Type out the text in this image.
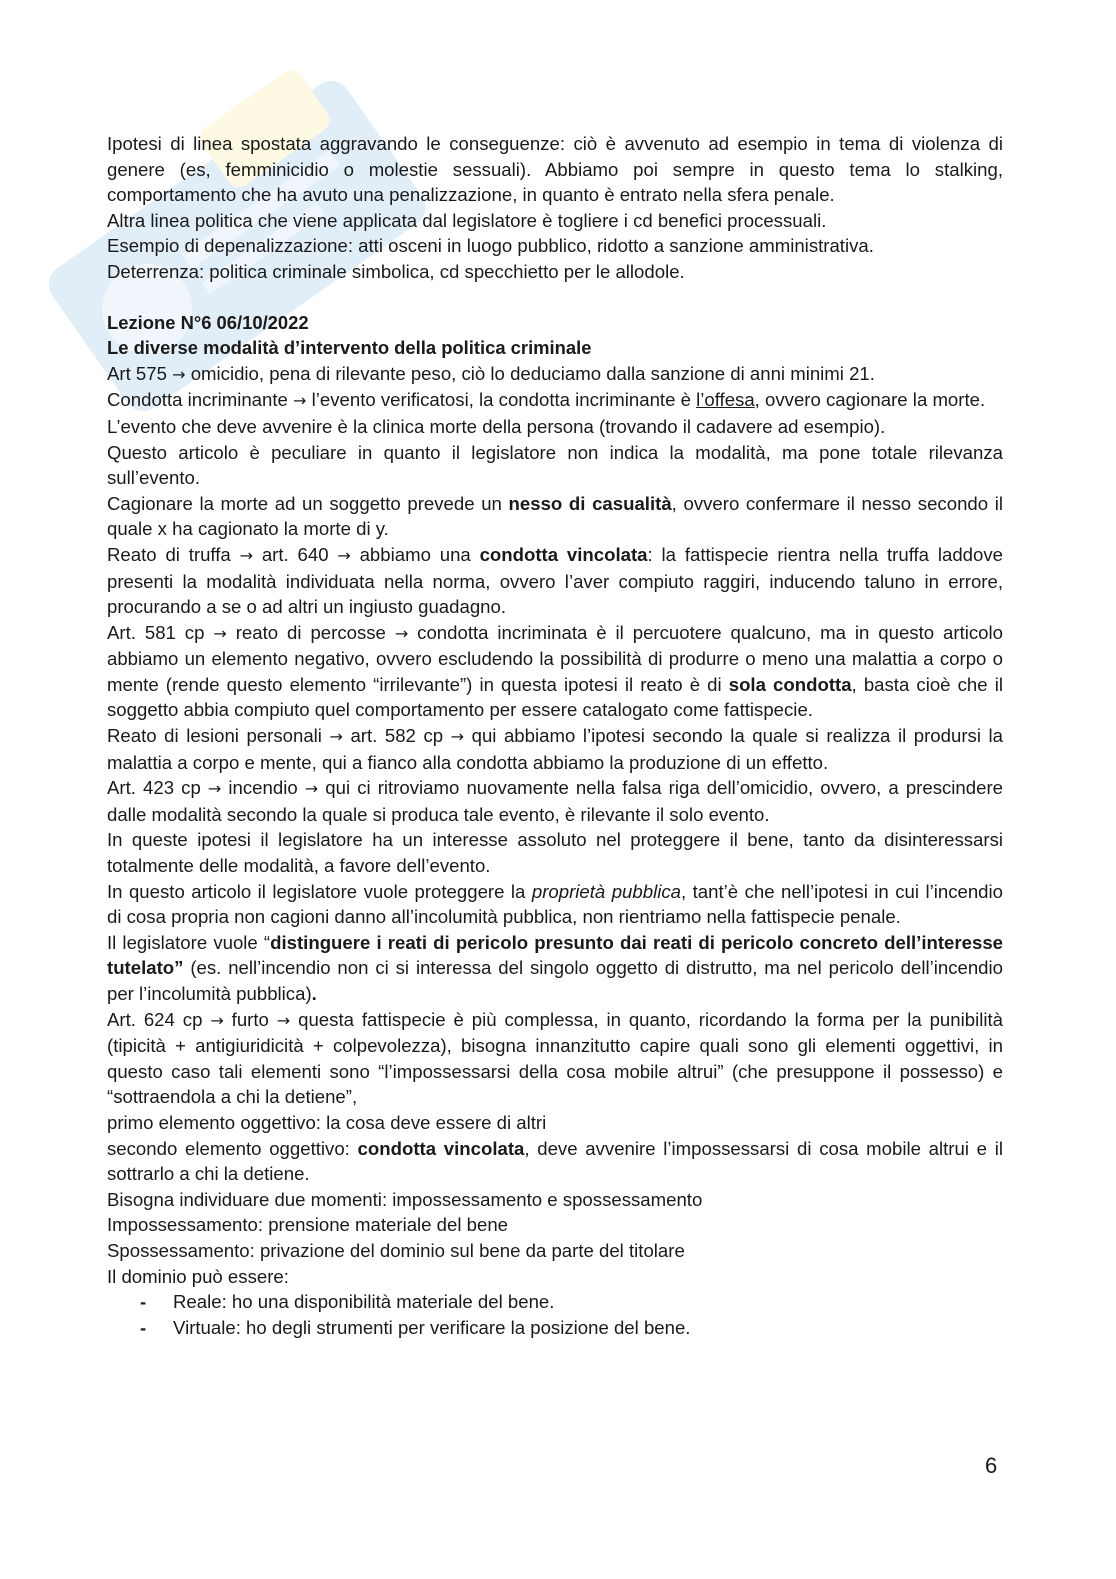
Ipotesi di linea spostata aggravando le conseguenze: ciò è avvenuto ad esempio in tema di violenza di genere (es, femminicidio o molestie sessuali). Abbiamo poi sempre in questo tema lo stalking, comportamento che ha avuto una penalizzazione, in quanto è entrato nella sfera penale.

Altra linea politica che viene applicata dal legislatore è togliere i cd benefici processuali.

Esempio di depenalizzazione: atti osceni in luogo pubblico, ridotto a sanzione amministrativa.

Deterrenza: politica criminale simbolica, cd specchietto per le allodole.

Lezione N°6 06/10/2022

Le diverse modalità d’intervento della politica criminale

Art 575 → omicidio, pena di rilevante peso, ciò lo deduciamo dalla sanzione di anni minimi 21.

Condotta incriminante → l’evento verificatosi, la condotta incriminante è l’offesa, ovvero cagionare la morte.

L’evento che deve avvenire è la clinica morte della persona (trovando il cadavere ad esempio).

Questo articolo è peculiare in quanto il legislatore non indica la modalità, ma pone totale rilevanza sull’evento.

Cagionare la morte ad un soggetto prevede un nesso di casualità, ovvero confermare il nesso secondo il quale x ha cagionato la morte di y.

Reato di truffa → art. 640 → abbiamo una condotta vincolata: la fattispecie rientra nella truffa laddove presenti la modalità individuata nella norma, ovvero l’aver compiuto raggiri, inducendo taluno in errore, procurando a se o ad altri un ingiusto guadagno.

Art. 581 cp → reato di percosse → condotta incriminata è il percuotere qualcuno, ma in questo articolo abbiamo un elemento negativo, ovvero escludendo la possibilità di produrre o meno una malattia a corpo o mente (rende questo elemento “irrilevante”) in questa ipotesi il reato è di sola condotta, basta cioè che il soggetto abbia compiuto quel comportamento per essere catalogato come fattispecie.

Reato di lesioni personali → art. 582 cp → qui abbiamo l’ipotesi secondo la quale si realizza il prodursi la malattia a corpo e mente, qui a fianco alla condotta abbiamo la produzione di un effetto.

Art. 423 cp → incendio → qui ci ritroviamo nuovamente nella falsa riga dell’omicidio, ovvero, a prescindere dalle modalità secondo la quale si produca tale evento, è rilevante il solo evento.

In queste ipotesi il legislatore ha un interesse assoluto nel proteggere il bene, tanto da disinteressarsi totalmente delle modalità, a favore dell’evento.

In questo articolo il legislatore vuole proteggere la proprietà pubblica, tant’è che nell’ipotesi in cui l’incendio di cosa propria non cagioni danno all’incolumità pubblica, non rientriamo nella fattispecie penale.

Il legislatore vuole “distinguere i reati di pericolo presunto dai reati di pericolo concreto dell’interesse tutelato” (es. nell’incendio non ci si interessa del singolo oggetto di distrutto, ma nel pericolo dell’incendio per l’incolumità pubblica).

Art. 624 cp → furto → questa fattispecie è più complessa, in quanto, ricordando la forma per la punibilità (tipicità + antigiuridicità + colpevolezza), bisogna innanzitutto capire quali sono gli elementi oggettivi, in questo caso tali elementi sono “l’impossessarsi della cosa mobile altrui” (che presuppone il possesso) e “sottraendola a chi la detiene”,

primo elemento oggettivo: la cosa deve essere di altri

secondo elemento oggettivo: condotta vincolata, deve avvenire l’impossessarsi di cosa mobile altrui e il sottrarlo a chi la detiene.

Bisogna individuare due momenti: impossessamento e spossessamento

Impossessamento: prensione materiale del bene

Spossessamento: privazione del dominio sul bene da parte del titolare

Il dominio può essere:

- Reale: ho una disponibilità materiale del bene.
- Virtuale: ho degli strumenti per verificare la posizione del bene.
6
